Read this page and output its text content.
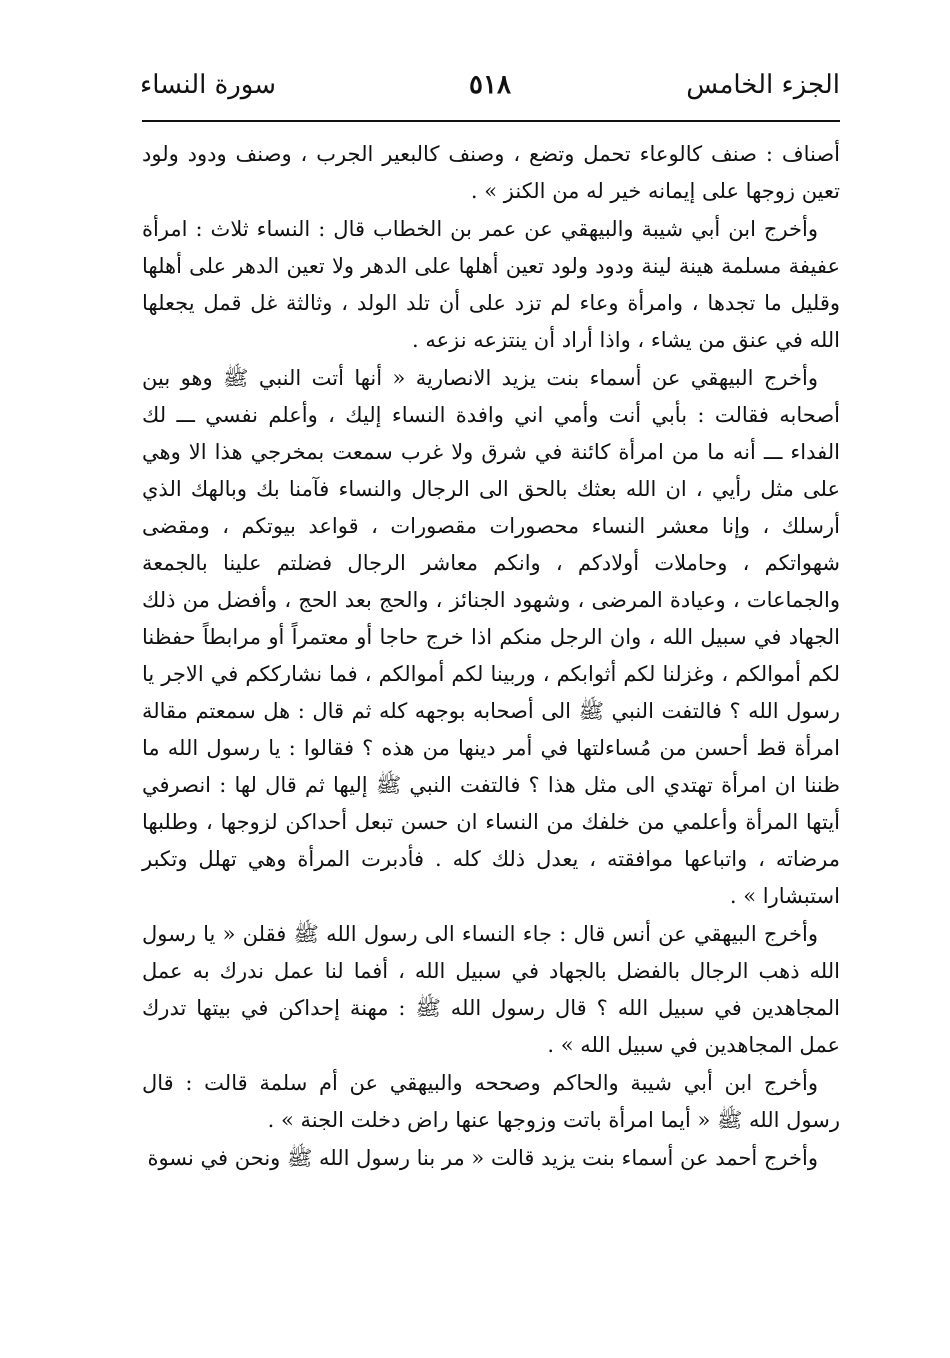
الجزء الخامس
٥١٨
سورة النساء

أصناف : صنف كالوعاء تحمل وتضع ، وصنف كالبعير الجرب ، وصنف ودود ولود تعين زوجها على إيمانه خير له من الكنز » .

وأخرج ابن أبي شيبة والبيهقي عن عمر بن الخطاب قال : النساء ثلاث : امرأة عفيفة مسلمة هينة لينة ودود ولود تعين أهلها على الدهر ولا تعين الدهر على أهلها وقليل ما تجدها ، وامرأة وعاء لم تزد على أن تلد الولد ، وثالثة غل قمل يجعلها الله في عنق من يشاء ، واذا أراد أن ينتزعه نزعه .

وأخرج البيهقي عن أسماء بنت يزيد الانصارية « أنها أتت النبي ﷺ وهو بين أصحابه فقالت : بأبي أنت وأمي اني وافدة النساء إليك ، وأعلم نفسي ـــ لك الفداء ـــ أنه ما من امرأة كائنة في شرق ولا غرب سمعت بمخرجي هذا الا وهي على مثل رأيي ، ان الله بعثك بالحق الى الرجال والنساء فآمنا بك وبالهك الذي أرسلك ، وإنا معشر النساء محصورات مقصورات ، قواعد بيوتكم ، ومقضى شهواتكم ، وحاملات أولادكم ، وانكم معاشر الرجال فضلتم علينا بالجمعة والجماعات ، وعيادة المرضى ، وشهود الجنائز ، والحج بعد الحج ، وأفضل من ذلك الجهاد في سبيل الله ، وان الرجل منكم اذا خرج حاجا أو معتمراً أو مرابطاً حفظنا لكم أموالكم ، وغزلنا لكم أثوابكم ، وربينا لكم أموالكم ، فما نشارككم في الاجر يا رسول الله ؟ فالتفت النبي ﷺ الى أصحابه بوجهه كله ثم قال : هل سمعتم مقالة امرأة قط أحسن من مُساءلتها في أمر دينها من هذه ؟ فقالوا : يا رسول الله ما ظننا ان امرأة تهتدي الى مثل هذا ؟ فالتفت النبي ﷺ إليها ثم قال لها : انصرفي أيتها المرأة وأعلمي من خلفك من النساء ان حسن تبعل أحداكن لزوجها ، وطلبها مرضاته ، واتباعها موافقته ، يعدل ذلك كله . فأدبرت المرأة وهي تهلل وتكبر استبشارا » .

وأخرج البيهقي عن أنس قال : جاء النساء الى رسول الله ﷺ فقلن « يا رسول الله ذهب الرجال بالفضل بالجهاد في سبيل الله ، أفما لنا عمل ندرك به عمل المجاهدين في سبيل الله ؟ قال رسول الله ﷺ : مهنة إحداكن في بيتها تدرك عمل المجاهدين في سبيل الله » .

وأخرج ابن أبي شيبة والحاكم وصححه والبيهقي عن أم سلمة قالت : قال رسول الله ﷺ « أيما امرأة باتت وزوجها عنها راض دخلت الجنة » .

وأخرج أحمد عن أسماء بنت يزيد قالت « مر بنا رسول الله ﷺ ونحن في نسوة
